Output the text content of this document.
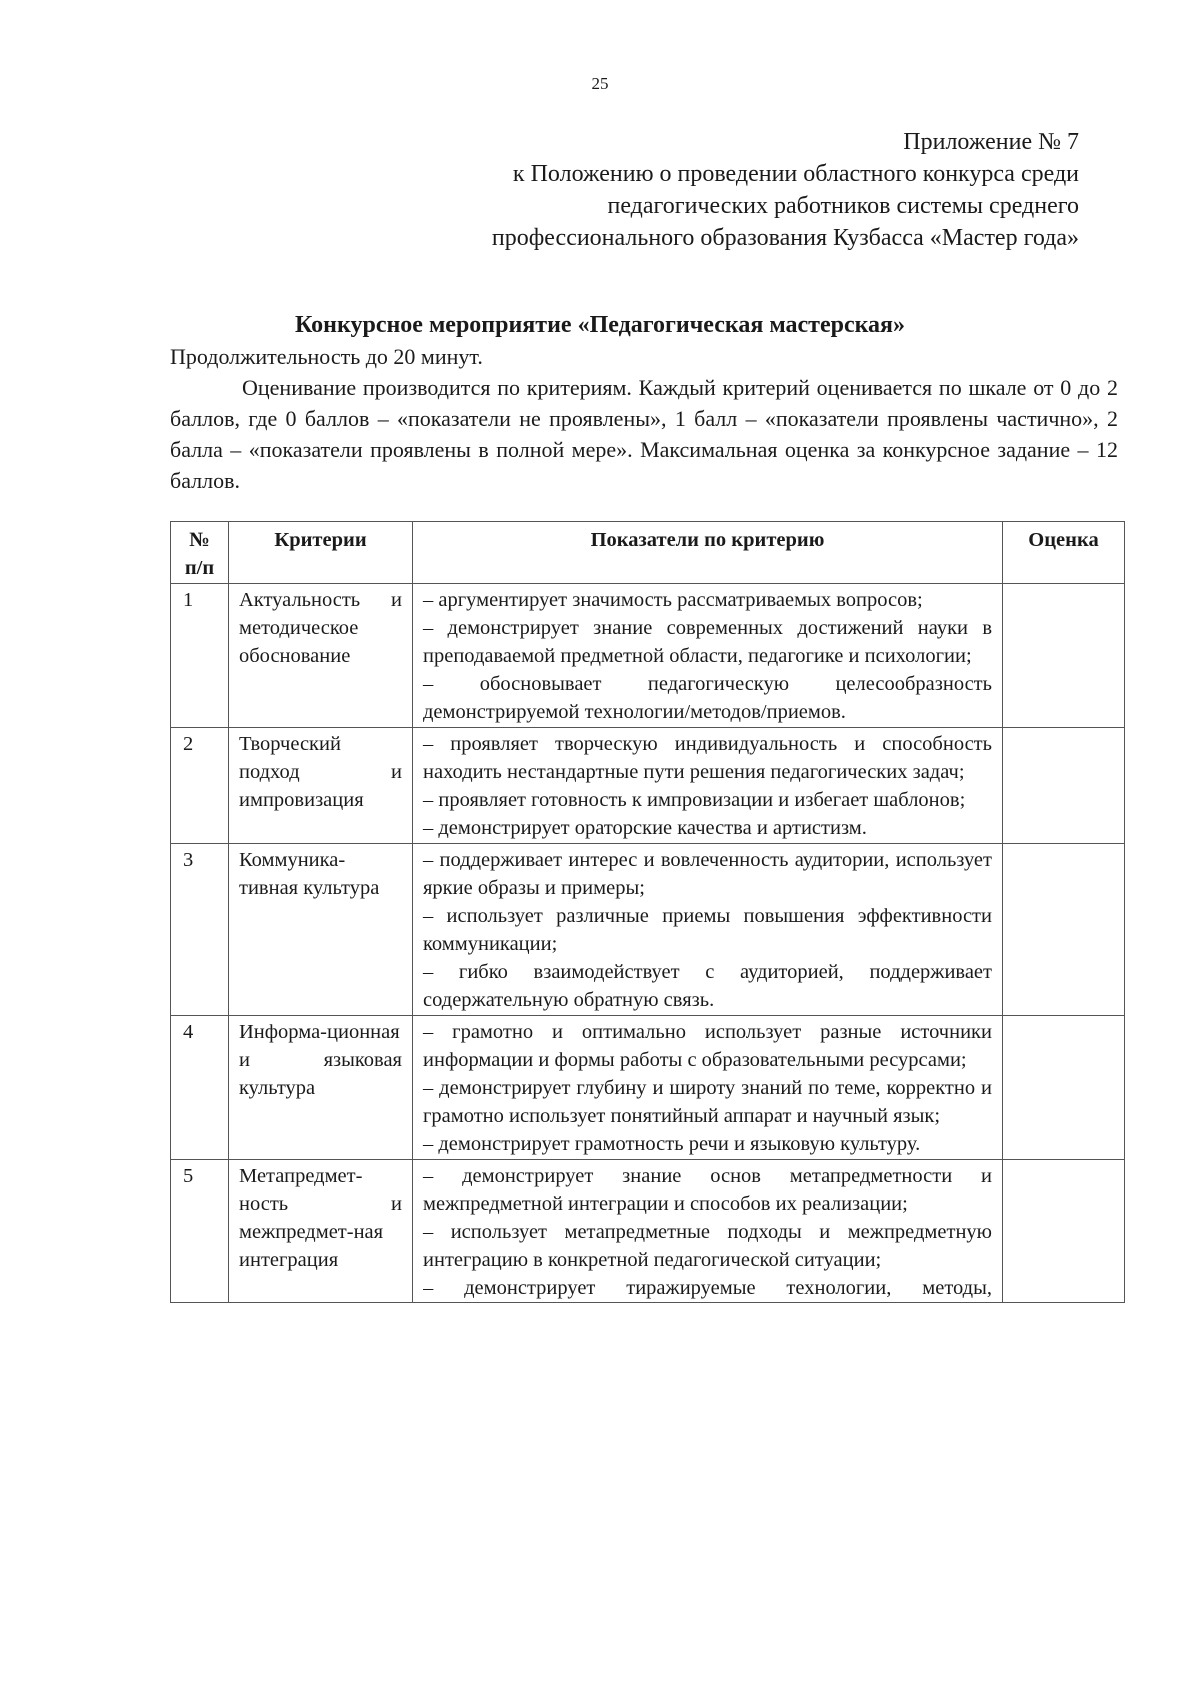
25
Приложение № 7
к Положению о проведении областного конкурса среди
педагогических работников системы среднего
профессионального образования Кузбасса «Мастер года»
Конкурсное мероприятие «Педагогическая мастерская»

Продолжительность до 20 минут.

Оценивание производится по критериям. Каждый критерий оценивается по шкале от 0 до 2 баллов, где 0 баллов – «показатели не проявлены», 1 балл – «показатели проявлены частично», 2 балла – «показатели проявлены в полной мере». Максимальная оценка за конкурсное задание – 12 баллов.

№ п/п	Критерии	Показатели по критерию	Оценка
1	Актуальность и методическое обоснование	– аргументирует значимость рассматриваемых вопросов;
– демонстрирует знание современных достижений науки в преподаваемой предметной области, педагогике и психологии;
– обосновывает педагогическую целесообразность демонстрируемой технологии/методов/приемов.	

2	Творческий подход и импровизация	– проявляет творческую индивидуальность и способность находить нестандартные пути решения педагогических задач;
– проявляет готовность к импровизации и избегает шаблонов;
– демонстрирует ораторские качества и артистизм.	

3	Коммуника-тивная культура	– поддерживает интерес и вовлеченность аудитории, использует яркие образы и примеры;
– использует различные приемы повышения эффективности коммуникации;
– гибко взаимодействует с аудиторией, поддерживает содержательную обратную связь.	

4	Информа-ционная и языковая культура	– грамотно и оптимально использует разные источники информации и формы работы с образовательными ресурсами;
– демонстрирует глубину и широту знаний по теме, корректно и грамотно использует понятийный аппарат и научный язык;
– демонстрирует грамотность речи и языковую культуру.	

5	Метапредмет-ность и межпредмет-ная интеграция	– демонстрирует знание основ метапредметности и межпредметной интеграции и способов их реализации;
– использует метапредметные подходы и межпредметную интеграцию в конкретной педагогической ситуации;
– демонстрирует тиражируемые технологии, методы,	
